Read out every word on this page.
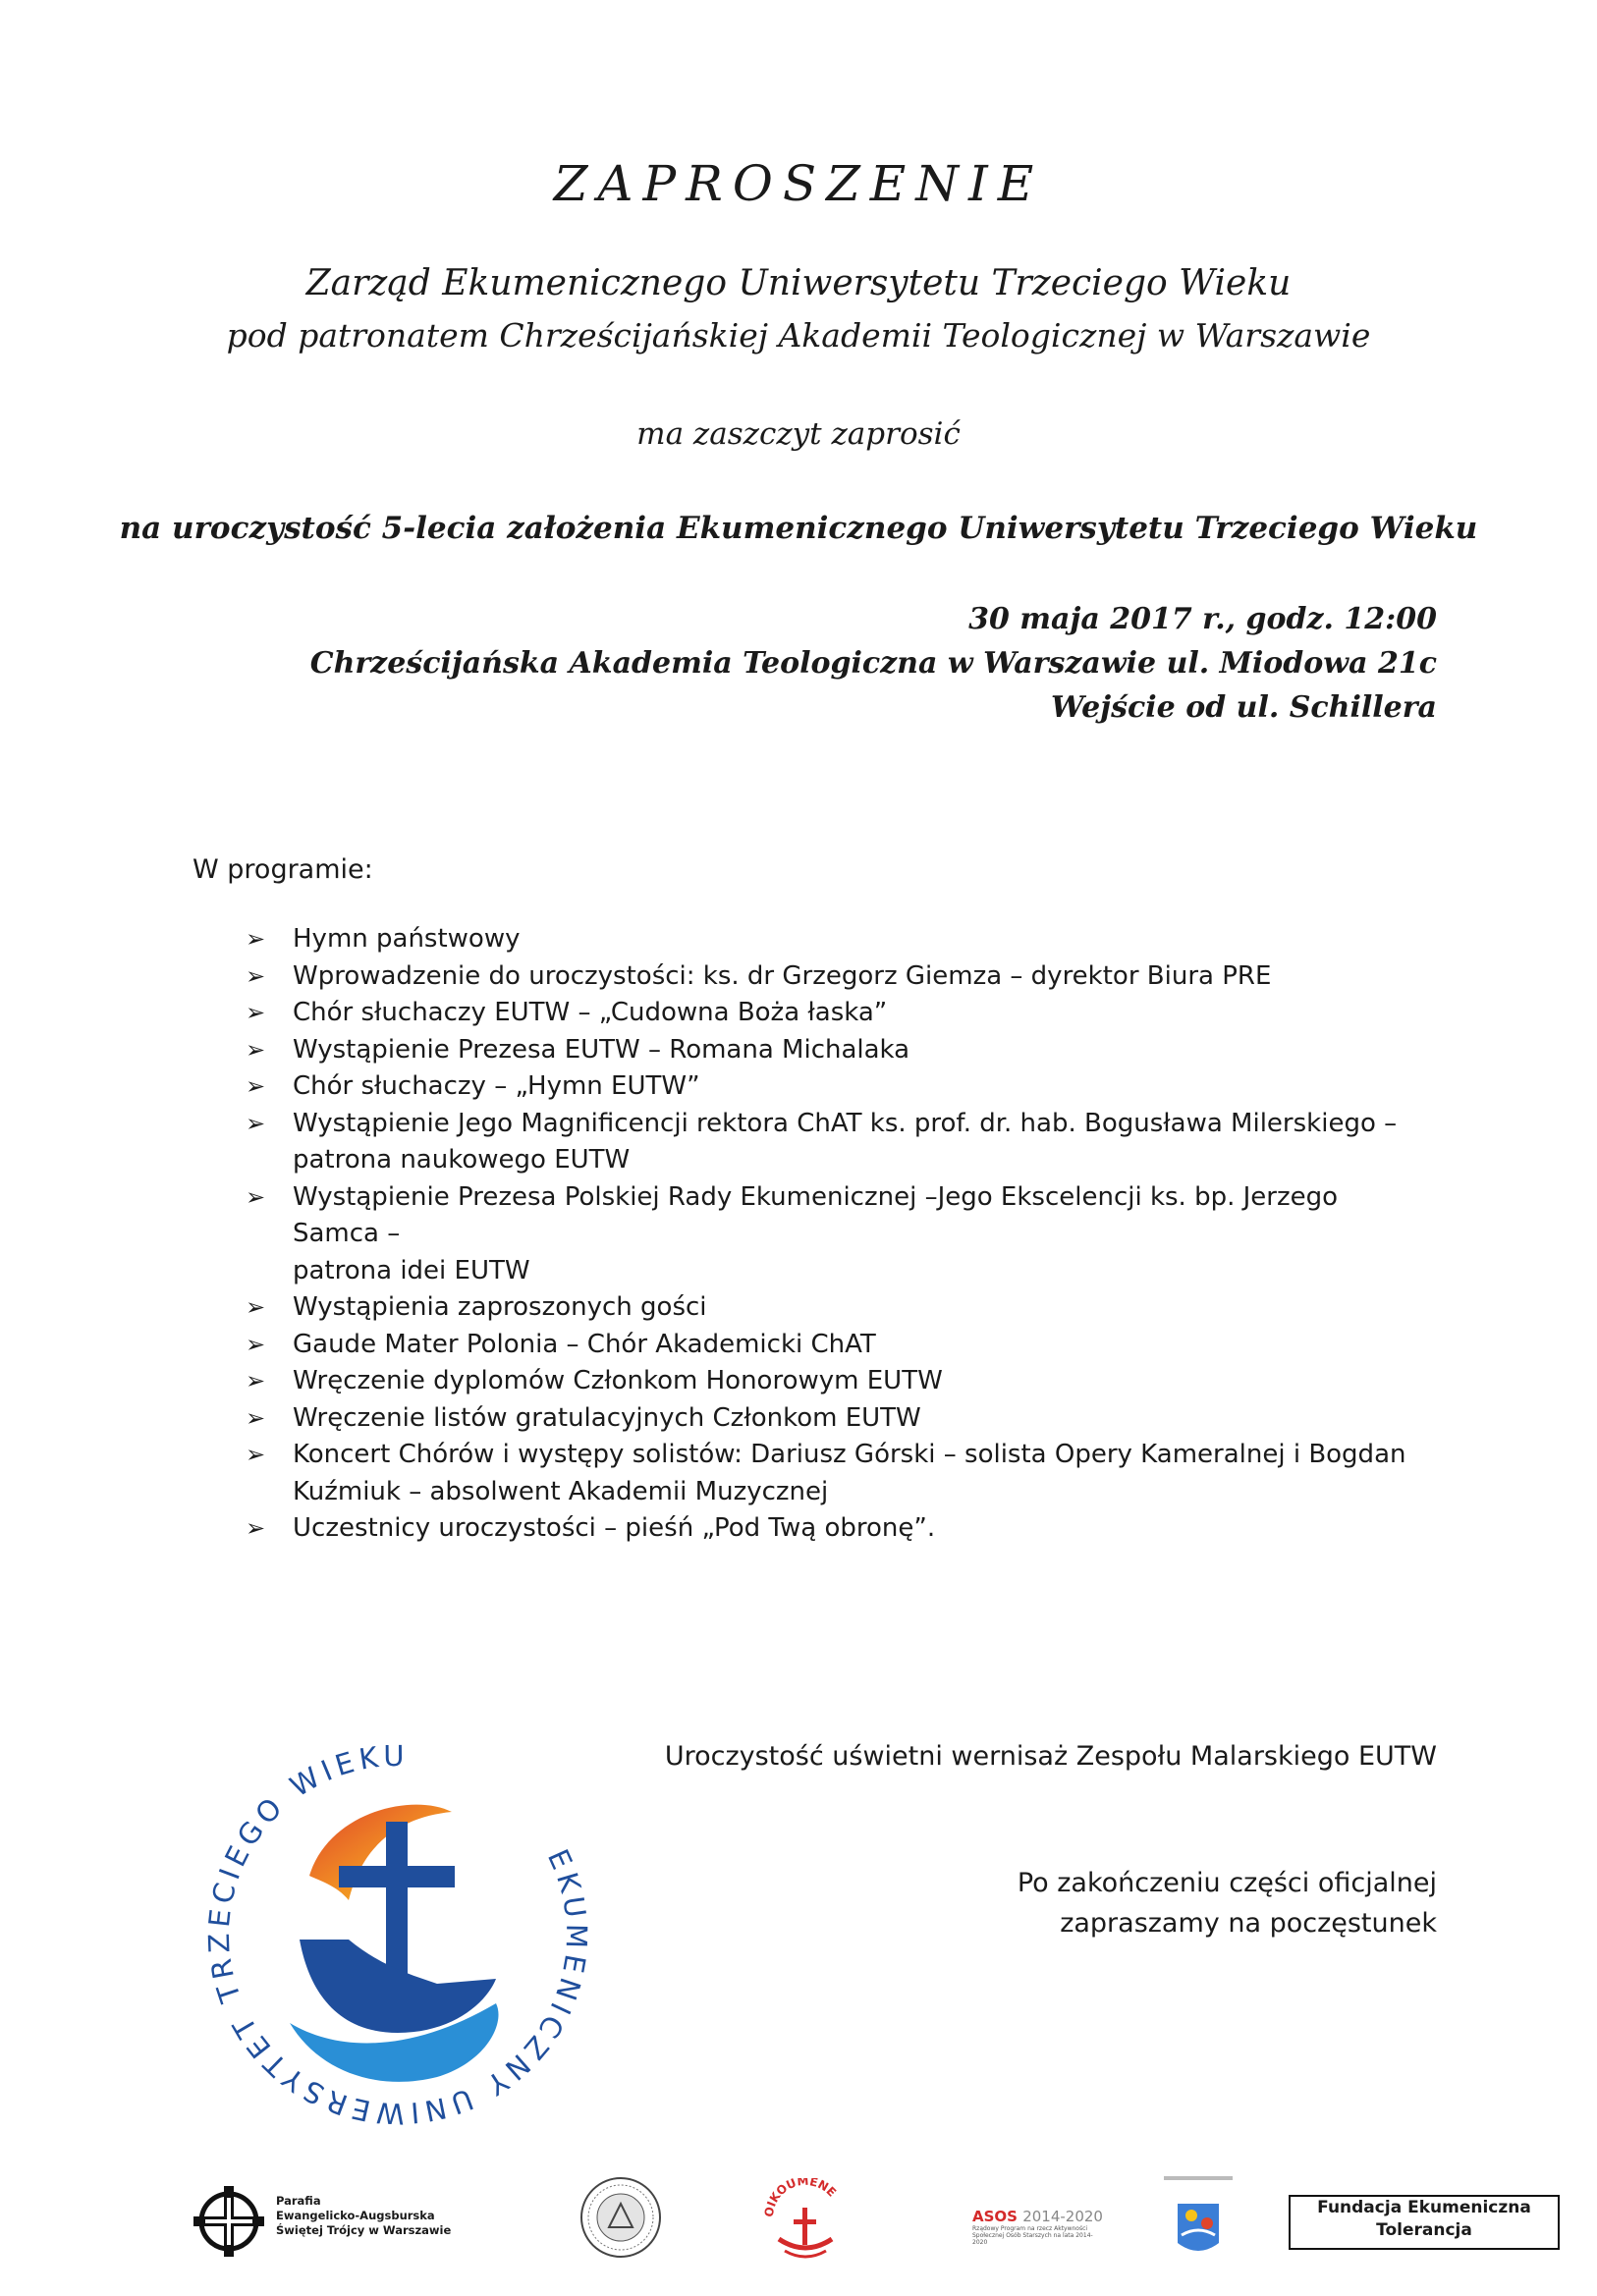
ZAPROSZENIE
Zarząd Ekumenicznego Uniwersytetu Trzeciego Wieku
pod patronatem Chrześcijańskiej Akademii Teologicznej w Warszawie
ma zaszczyt zaprosić
na uroczystość 5-lecia założenia Ekumenicznego Uniwersytetu Trzeciego Wieku
30 maja 2017 r., godz. 12:00
Chrześcijańska Akademia Teologiczna w Warszawie ul. Miodowa 21c
Wejście od ul. Schillera
W programie:
➢ Hymn państwowy
➢ Wprowadzenie do uroczystości: ks. dr Grzegorz Giemza – dyrektor Biura PRE
➢ Chór słuchaczy EUTW – „Cudowna Boża łaska”
➢ Wystąpienie Prezesa EUTW – Romana Michalaka
➢ Chór słuchaczy – „Hymn EUTW”
➢ Wystąpienie Jego Magnificencji rektora ChAT ks. prof. dr. hab. Bogusława Milerskiego –
patrona naukowego EUTW
➢ Wystąpienie Prezesa Polskiej Rady Ekumenicznej –Jego Ekscelencji ks. bp. Jerzego Samca –
patrona idei EUTW
➢ Wystąpienia zaproszonych gości
➢ Gaude Mater Polonia – Chór Akademicki ChAT
➢ Wręczenie dyplomów Członkom Honorowym EUTW
➢ Wręczenie listów gratulacyjnych Członkom EUTW
➢ Koncert Chórów i występy solistów: Dariusz Górski – solista Opery Kameralnej i Bogdan
Kuźmiuk – absolwent Akademii Muzycznej
➢ Uczestnicy uroczystości – pieśń „Pod Twą obronę”.
Uroczystość uświetni wernisaż Zespołu Malarskiego EUTW
Po zakończeniu części oficjalnej
zapraszamy na poczęstunek
EKUMENICZNY UNIWERSYTET TRZECIEGO WIEKU
Parafia
Ewangelicko-Augsburska
Świętej Trójcy w Warszawie
OIKOUMENE
ASOS 2014-2020
Rządowy Program na rzecz Aktywności Społecznej Osób Starszych na lata 2014-2020
Fundacja Ekumeniczna
Tolerancja
